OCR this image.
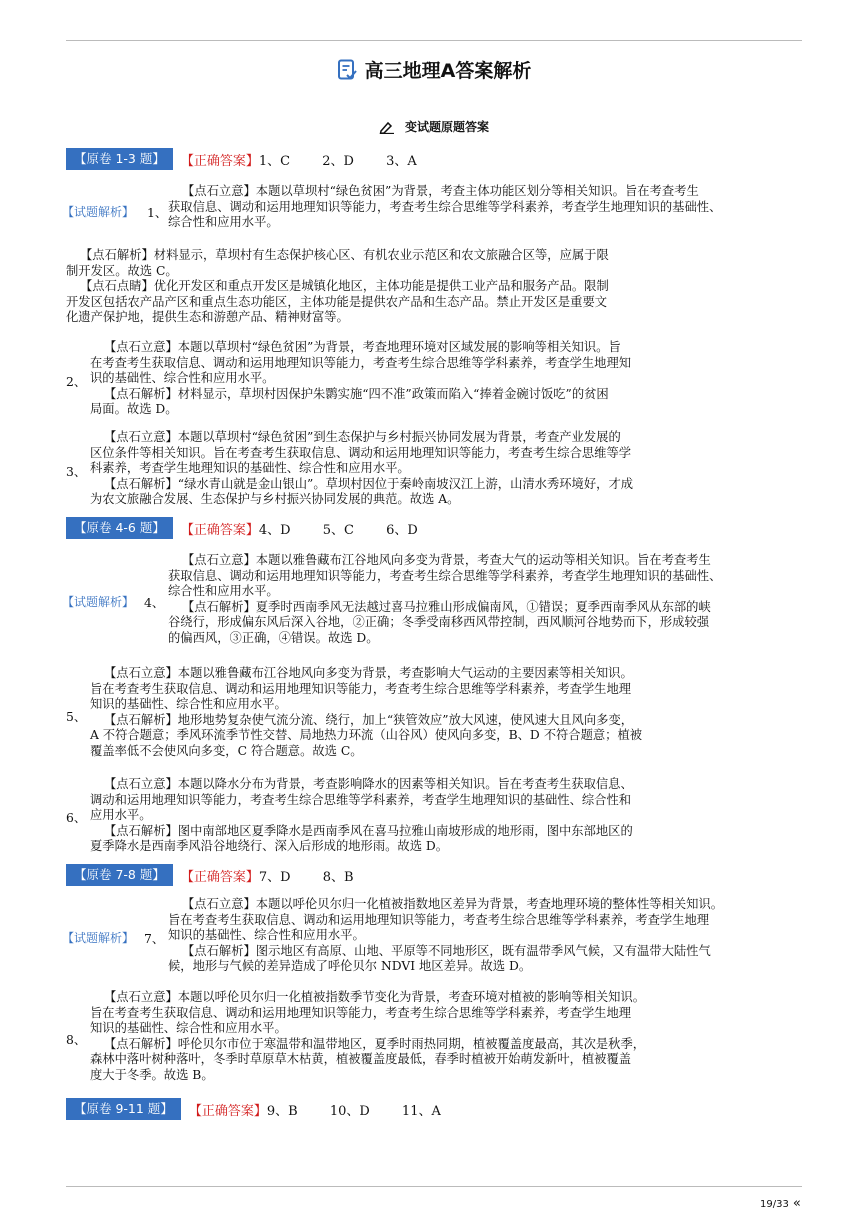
高三地理A答案解析
变试题原题答案
【原卷 1-3 题】	【正确答案】 1、C 2、D 3、A
【试题解析】 1、
【点石立意】本题以草坝村“绿色贫困”为背景，考查主体功能区划分等相关知识。旨在考查考生
获取信息、调动和运用地理知识等能力，考查考生综合思维等学科素养，考查学生地理知识的基础性、
综合性和应用水平。
【点石解析】材料显示，草坝村有生态保护核心区、有机农业示范区和农文旅融合区等，应属于限
制开发区。故选 C。
【点石点睛】优化开发区和重点开发区是城镇化地区，主体功能是提供工业产品和服务产品。限制
开发区包括农产品产区和重点生态功能区，主体功能是提供农产品和生态产品。禁止开发区是重要文
化遗产保护地，提供生态和游憩产品、精神财富等。
2、
【点石立意】本题以草坝村“绿色贫困”为背景，考查地理环境对区域发展的影响等相关知识。旨
在考查考生获取信息、调动和运用地理知识等能力，考查考生综合思维等学科素养，考查学生地理知
识的基础性、综合性和应用水平。
【点石解析】材料显示，草坝村因保护朱鹮实施“四不准”政策而陷入“捧着金碗讨饭吃”的贫困
局面。故选 D。
3、
【点石立意】本题以草坝村“绿色贫困”到生态保护与乡村振兴协同发展为背景，考查产业发展的
区位条件等相关知识。旨在考查考生获取信息、调动和运用地理知识等能力，考查考生综合思维等学
科素养，考查学生地理知识的基础性、综合性和应用水平。
【点石解析】“绿水青山就是金山银山”。草坝村因位于秦岭南坡汉江上游，山清水秀环境好，才成
为农文旅融合发展、生态保护与乡村振兴协同发展的典范。故选 A。
【原卷 4-6 题】	【正确答案】 4、D 5、C 6、D
【试题解析】 4、
【点石立意】本题以雅鲁藏布江谷地风向多变为背景，考查大气的运动等相关知识。旨在考查考生
获取信息、调动和运用地理知识等能力，考查考生综合思维等学科素养，考查学生地理知识的基础性、
综合性和应用水平。
【点石解析】夏季时西南季风无法越过喜马拉雅山形成偏南风，①错误；夏季西南季风从东部的峡
谷绕行，形成偏东风后深入谷地，②正确；冬季受南移西风带控制，西风顺河谷地势而下，形成较强
的偏西风，③正确，④错误。故选 D。
5、
【点石立意】本题以雅鲁藏布江谷地风向多变为背景，考查影响大气运动的主要因素等相关知识。
旨在考查考生获取信息、调动和运用地理知识等能力，考查考生综合思维等学科素养，考查学生地理
知识的基础性、综合性和应用水平。
【点石解析】地形地势复杂使气流分流、绕行，加上“狭管效应”放大风速，使风速大且风向多变，
A 不符合题意；季风环流季节性交替、局地热力环流（山谷风）使风向多变，B、D 不符合题意；植被
覆盖率低不会使风向多变，C 符合题意。故选 C。
6、
【点石立意】本题以降水分布为背景，考查影响降水的因素等相关知识。旨在考查考生获取信息、
调动和运用地理知识等能力，考查考生综合思维等学科素养，考查学生地理知识的基础性、综合性和
应用水平。
【点石解析】图中南部地区夏季降水是西南季风在喜马拉雅山南坡形成的地形雨，图中东部地区的
夏季降水是西南季风沿谷地绕行、深入后形成的地形雨。故选 D。
【原卷 7-8 题】	【正确答案】 7、D 8、B
【试题解析】 7、
【点石立意】本题以呼伦贝尔归一化植被指数地区差异为背景，考查地理环境的整体性等相关知识。
旨在考查考生获取信息、调动和运用地理知识等能力，考查考生综合思维等学科素养，考查学生地理
知识的基础性、综合性和应用水平。
【点石解析】图示地区有高原、山地、平原等不同地形区，既有温带季风气候，又有温带大陆性气
候，地形与气候的差异造成了呼伦贝尔 NDVI 地区差异。故选 D。
8、
【点石立意】本题以呼伦贝尔归一化植被指数季节变化为背景，考查环境对植被的影响等相关知识。
旨在考查考生获取信息、调动和运用地理知识等能力，考查考生综合思维等学科素养，考查学生地理
知识的基础性、综合性和应用水平。
【点石解析】呼伦贝尔市位于寒温带和温带地区，夏季时雨热同期，植被覆盖度最高，其次是秋季，
森林中落叶树种落叶，冬季时草原草木枯黄，植被覆盖度最低，春季时植被开始萌发新叶，植被覆盖
度大于冬季。故选 B。
【原卷 9-11 题】	【正确答案】 9、B 10、D 11、A
19/33 «
